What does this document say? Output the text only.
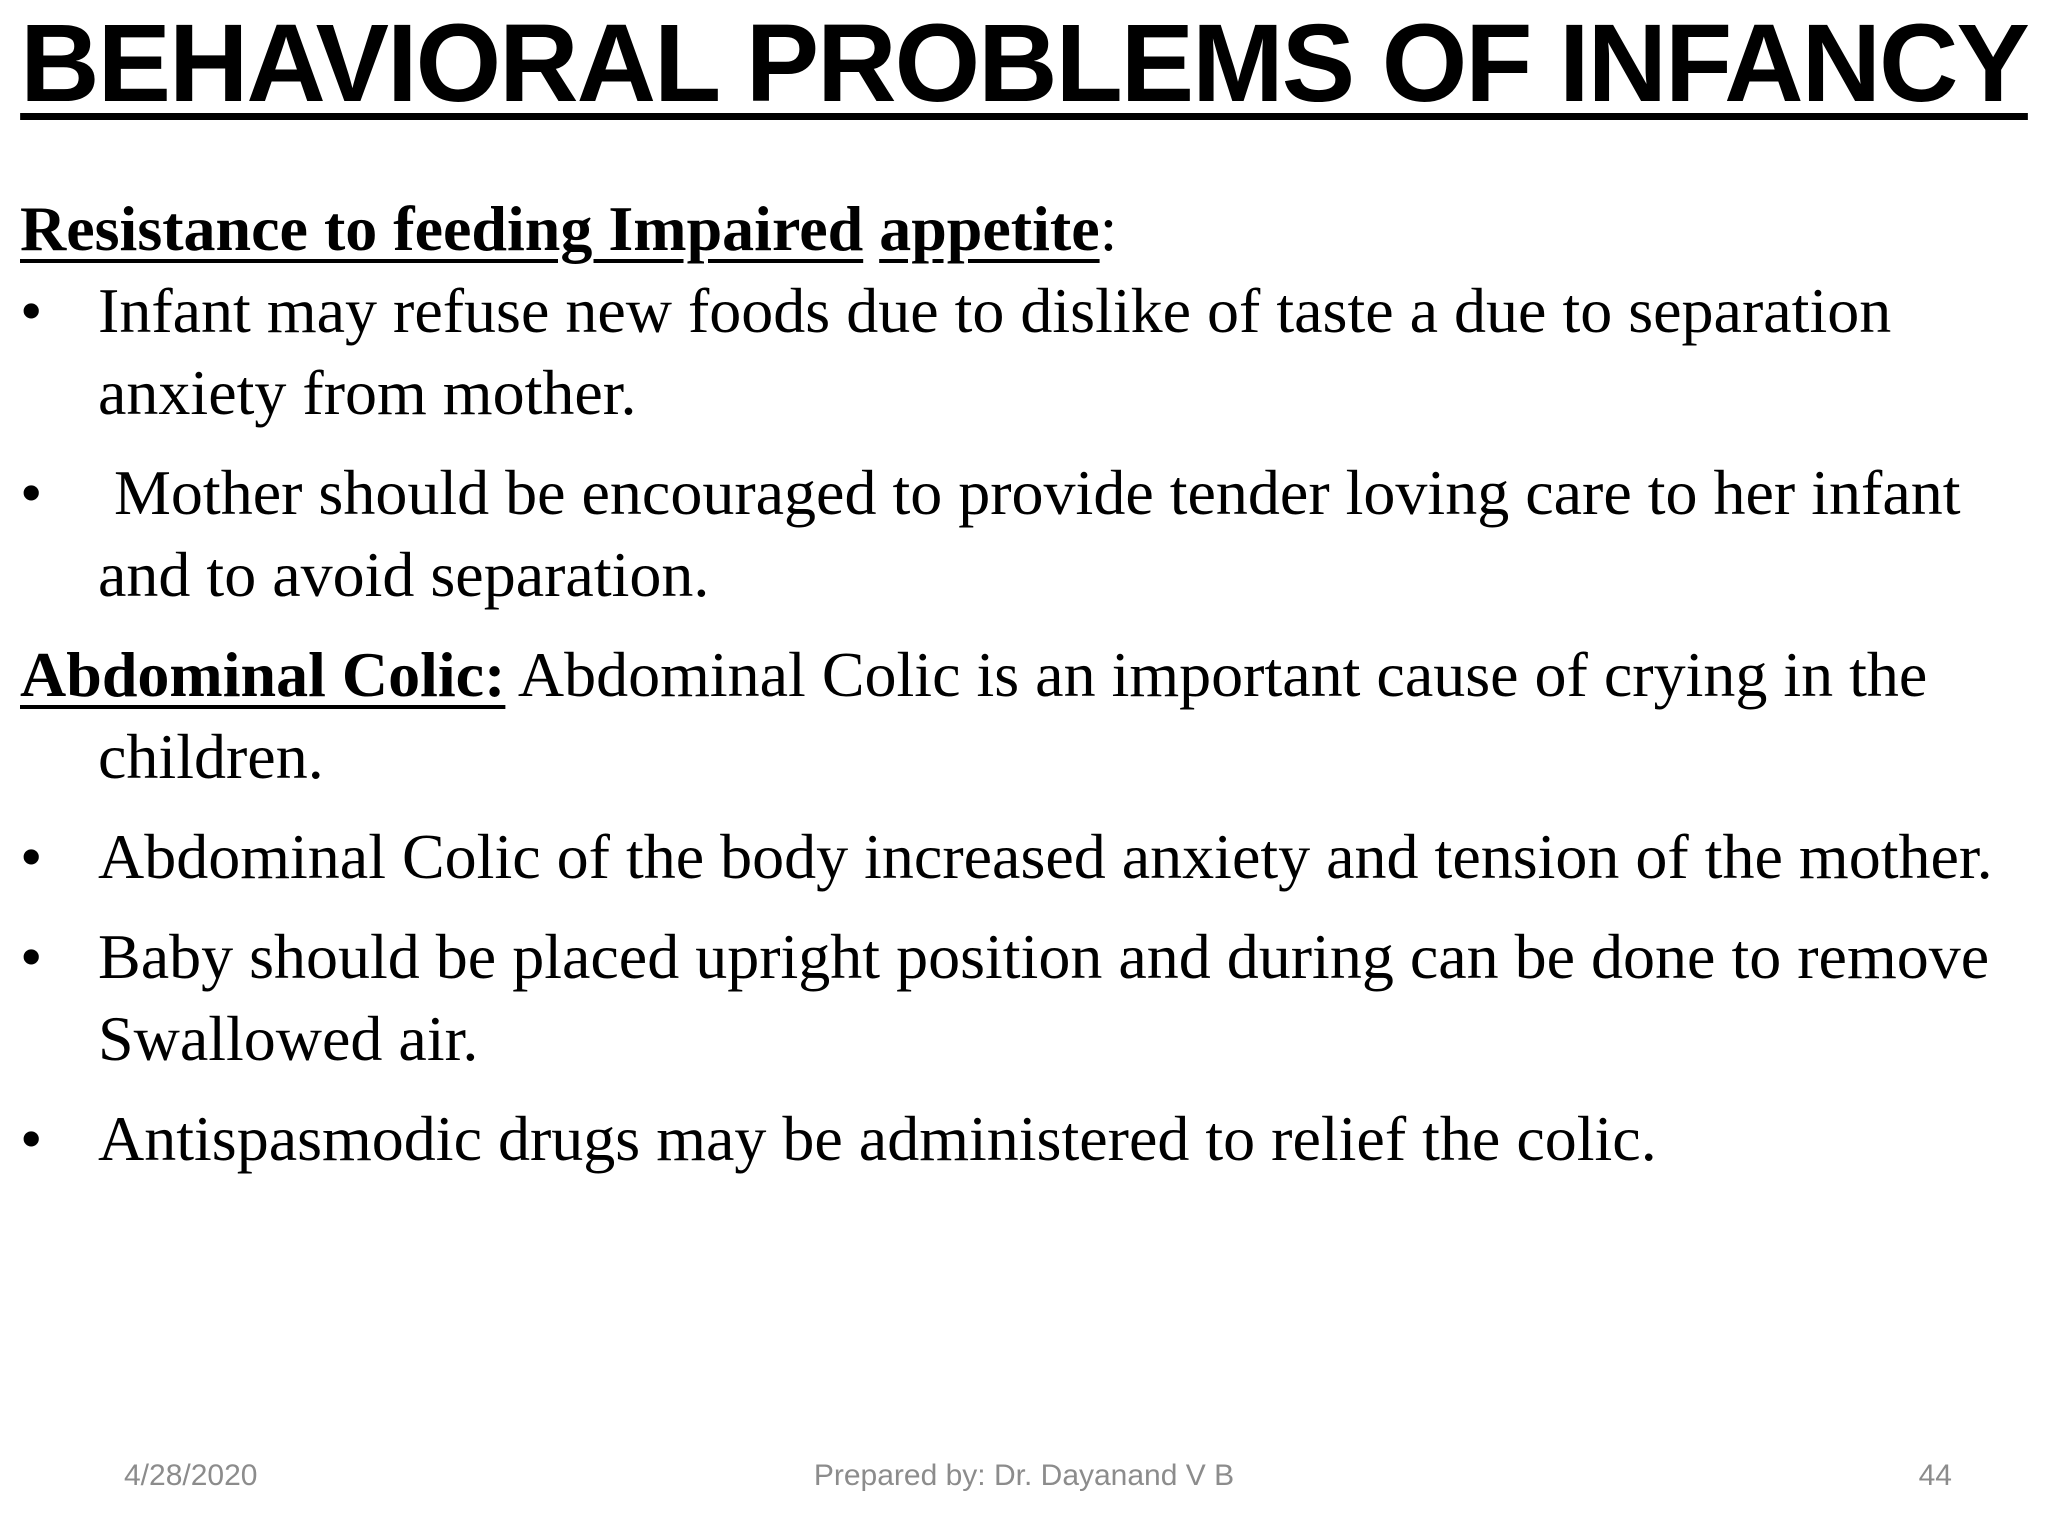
BEHAVIORAL PROBLEMS OF INFANCY

Resistance to feeding Impaired appetite:

• Infant may refuse new foods due to dislike of taste a due to separation anxiety from mother.
• Mother should be encouraged to provide tender loving care to her infant and to avoid separation.

Abdominal Colic: Abdominal Colic is an important cause of crying in the children.

• Abdominal Colic of the body increased anxiety and tension of the mother.
• Baby should be placed upright position and during can be done to remove Swallowed air.
• Antispasmodic drugs may be administered to relief the colic.
4/28/2020	Prepared by: Dr. Dayanand V B	44
